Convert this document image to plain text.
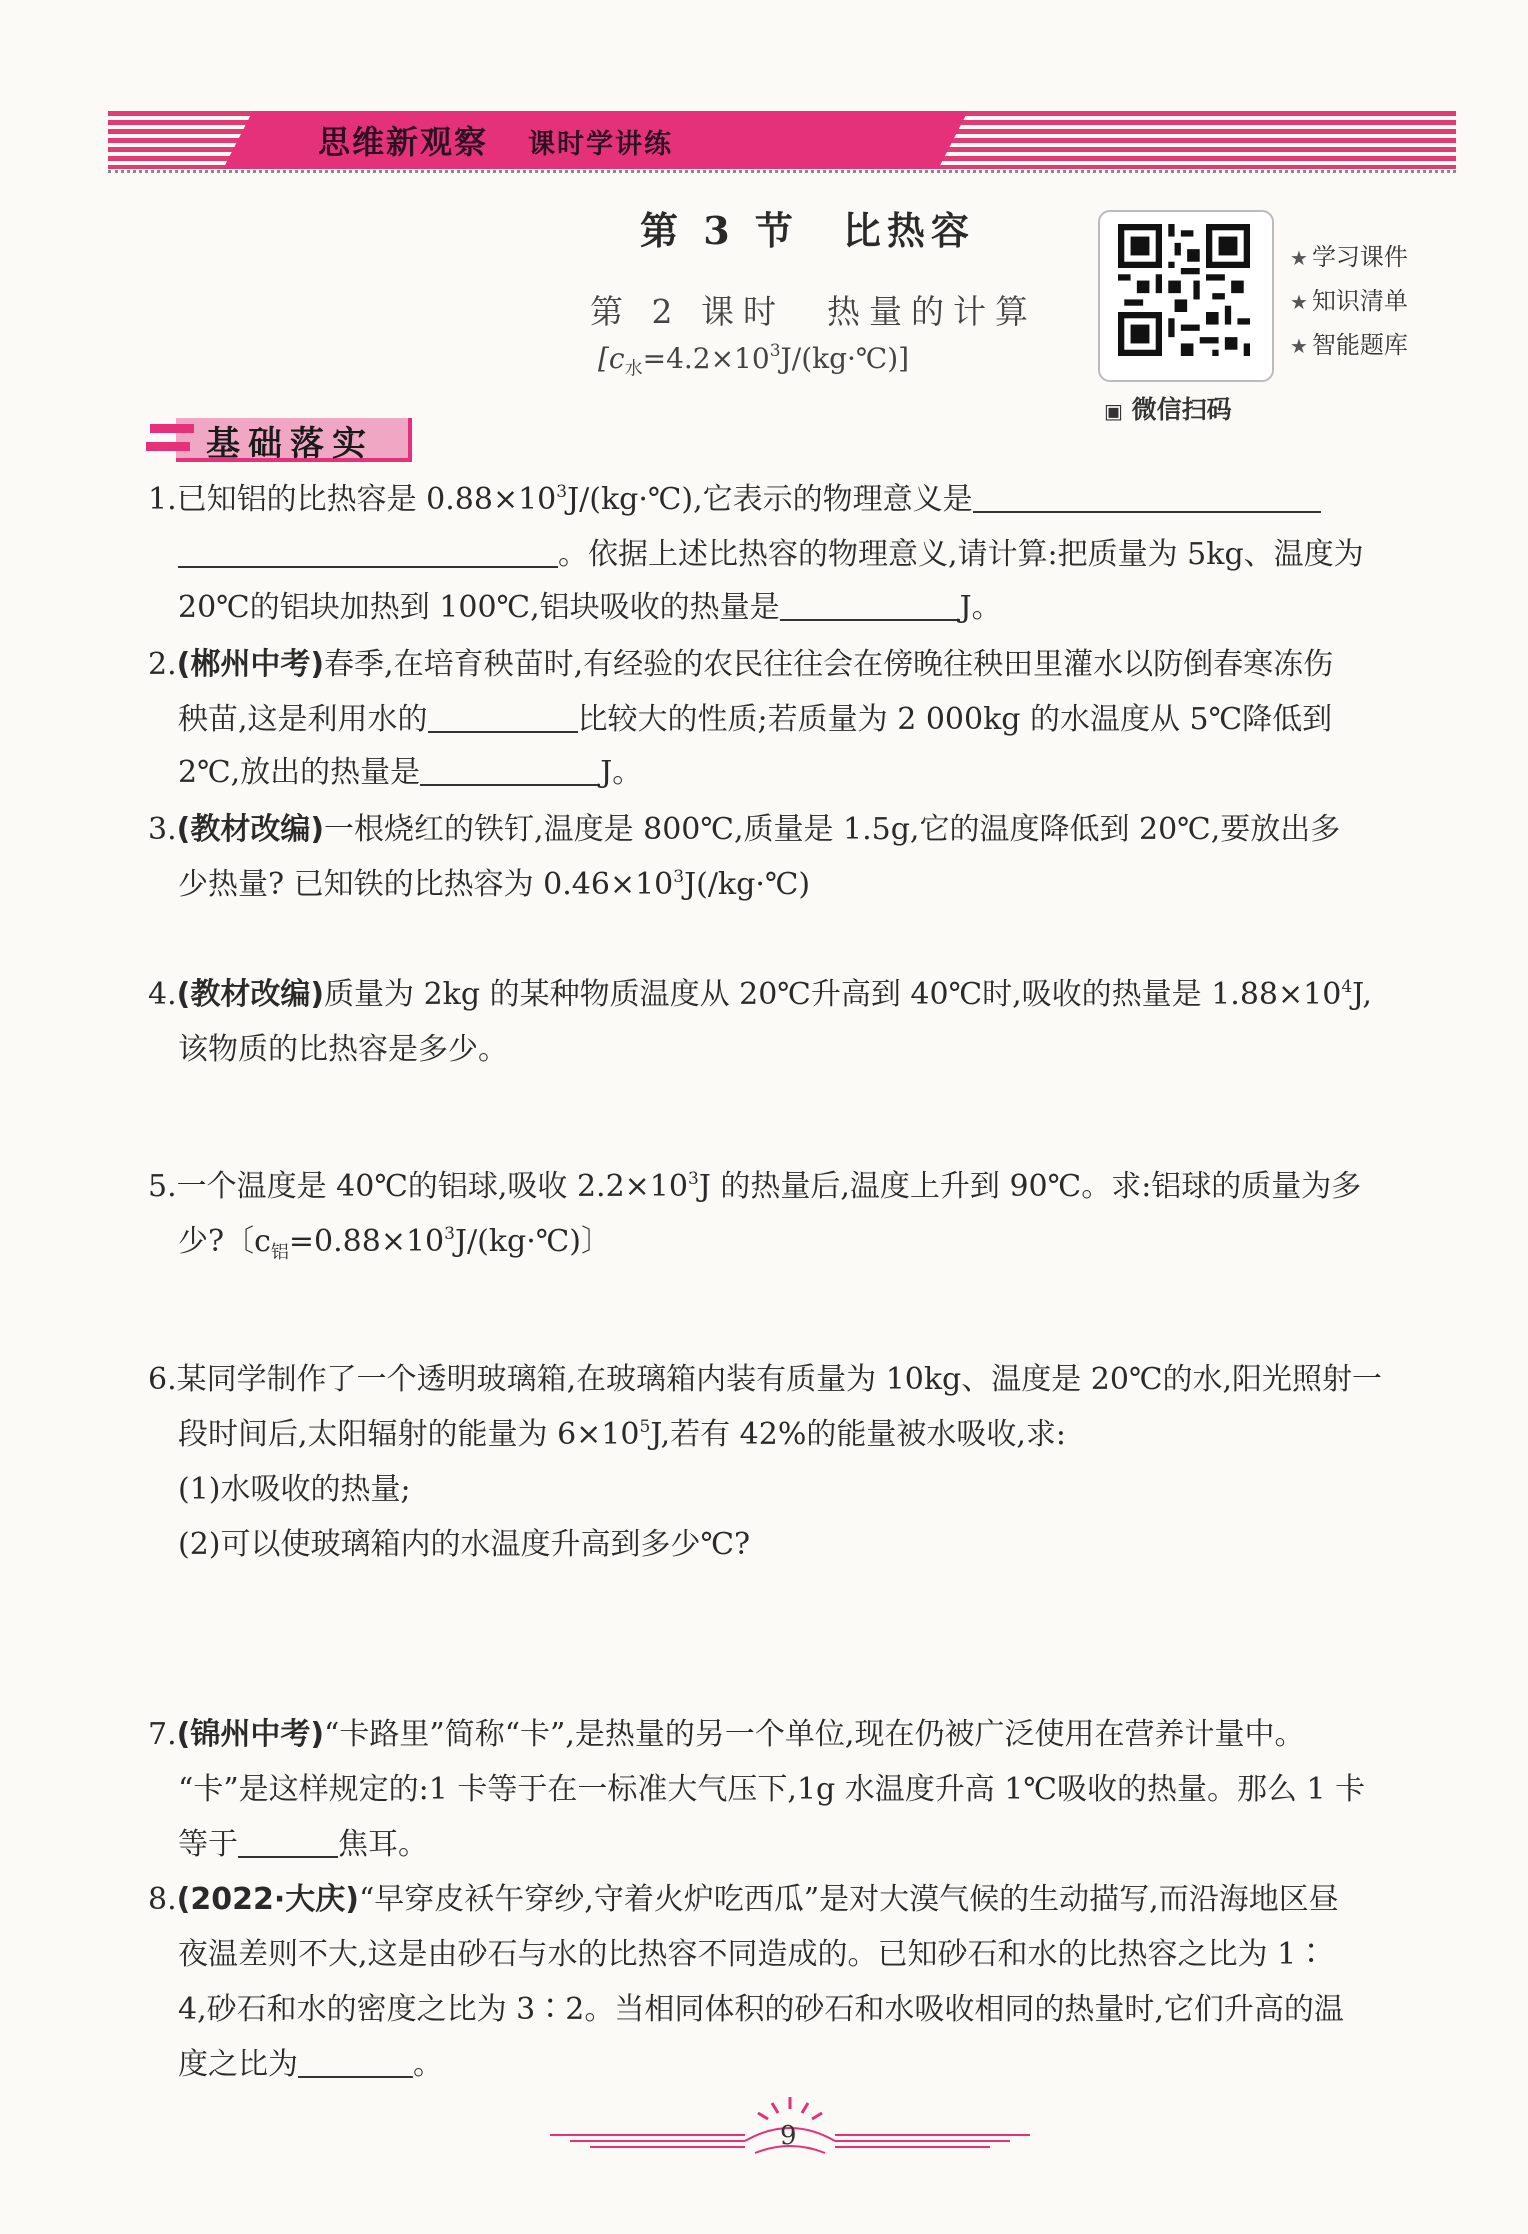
思维新观察 课时学讲练
第 3 节　比热容
第 2 课时　热量的计算
$[c_水=4.2\times 10^3J/(kg\cdot℃)]$
★ 学习课件
★ 知识清单
★ 智能题库
▣ 微信扫码
基础落实
1.已知铝的比热容是 $0.88\times 10^3J/(kg\cdot℃)$,它表示的物理意义是
。依据上述比热容的物理意义,请计算:把质量为 5kg、温度为
20℃的铝块加热到 100℃,铝块吸收的热量是	J。
2.(郴州中考)春季,在培育秧苗时,有经验的农民往往会在傍晚往秧田里灌水以防倒春寒冻伤
秧苗,这是利用水的	比较大的性质;若质量为 2 000kg 的水温度从 5℃降低到
2℃,放出的热量是	J。
3.(教材改编)一根烧红的铁钉,温度是 800℃,质量是 1.5g,它的温度降低到 20℃,要放出多
少热量? 已知铁的比热容为 $0.46\times 10^3J(/kg\cdot℃)$
4.(教材改编)质量为 2kg 的某种物质温度从 20℃升高到 40℃时,吸收的热量是 $1.88\times 10^4J$,
该物质的比热容是多少。
5.一个温度是 40℃的铝球,吸收 $2.2\times 10^3J$ 的热量后,温度上升到 90℃。求:铝球的质量为多
少?〔$c_铝=0.88\times 10^3J/(kg\cdot℃)$〕
6.某同学制作了一个透明玻璃箱,在玻璃箱内装有质量为 10kg、温度是 20℃的水,阳光照射一
段时间后,太阳辐射的能量为 $6\times 10^5J$,若有 42%的能量被水吸收,求:
(1)水吸收的热量;
(2)可以使玻璃箱内的水温度升高到多少℃?
7.(锦州中考)“卡路里”简称“卡”,是热量的另一个单位,现在仍被广泛使用在营养计量中。
“卡”是这样规定的:1 卡等于在一标准大气压下,1g 水温度升高 1℃吸收的热量。那么 1 卡
等于	焦耳。
8.(2022·大庆)“早穿皮袄午穿纱,守着火炉吃西瓜”是对大漠气候的生动描写,而沿海地区昼
夜温差则不大,这是由砂石与水的比热容不同造成的。已知砂石和水的比热容之比为 1∶
4,砂石和水的密度之比为 3∶2。当相同体积的砂石和水吸收相同的热量时,它们升高的温
度之比为	。
9
